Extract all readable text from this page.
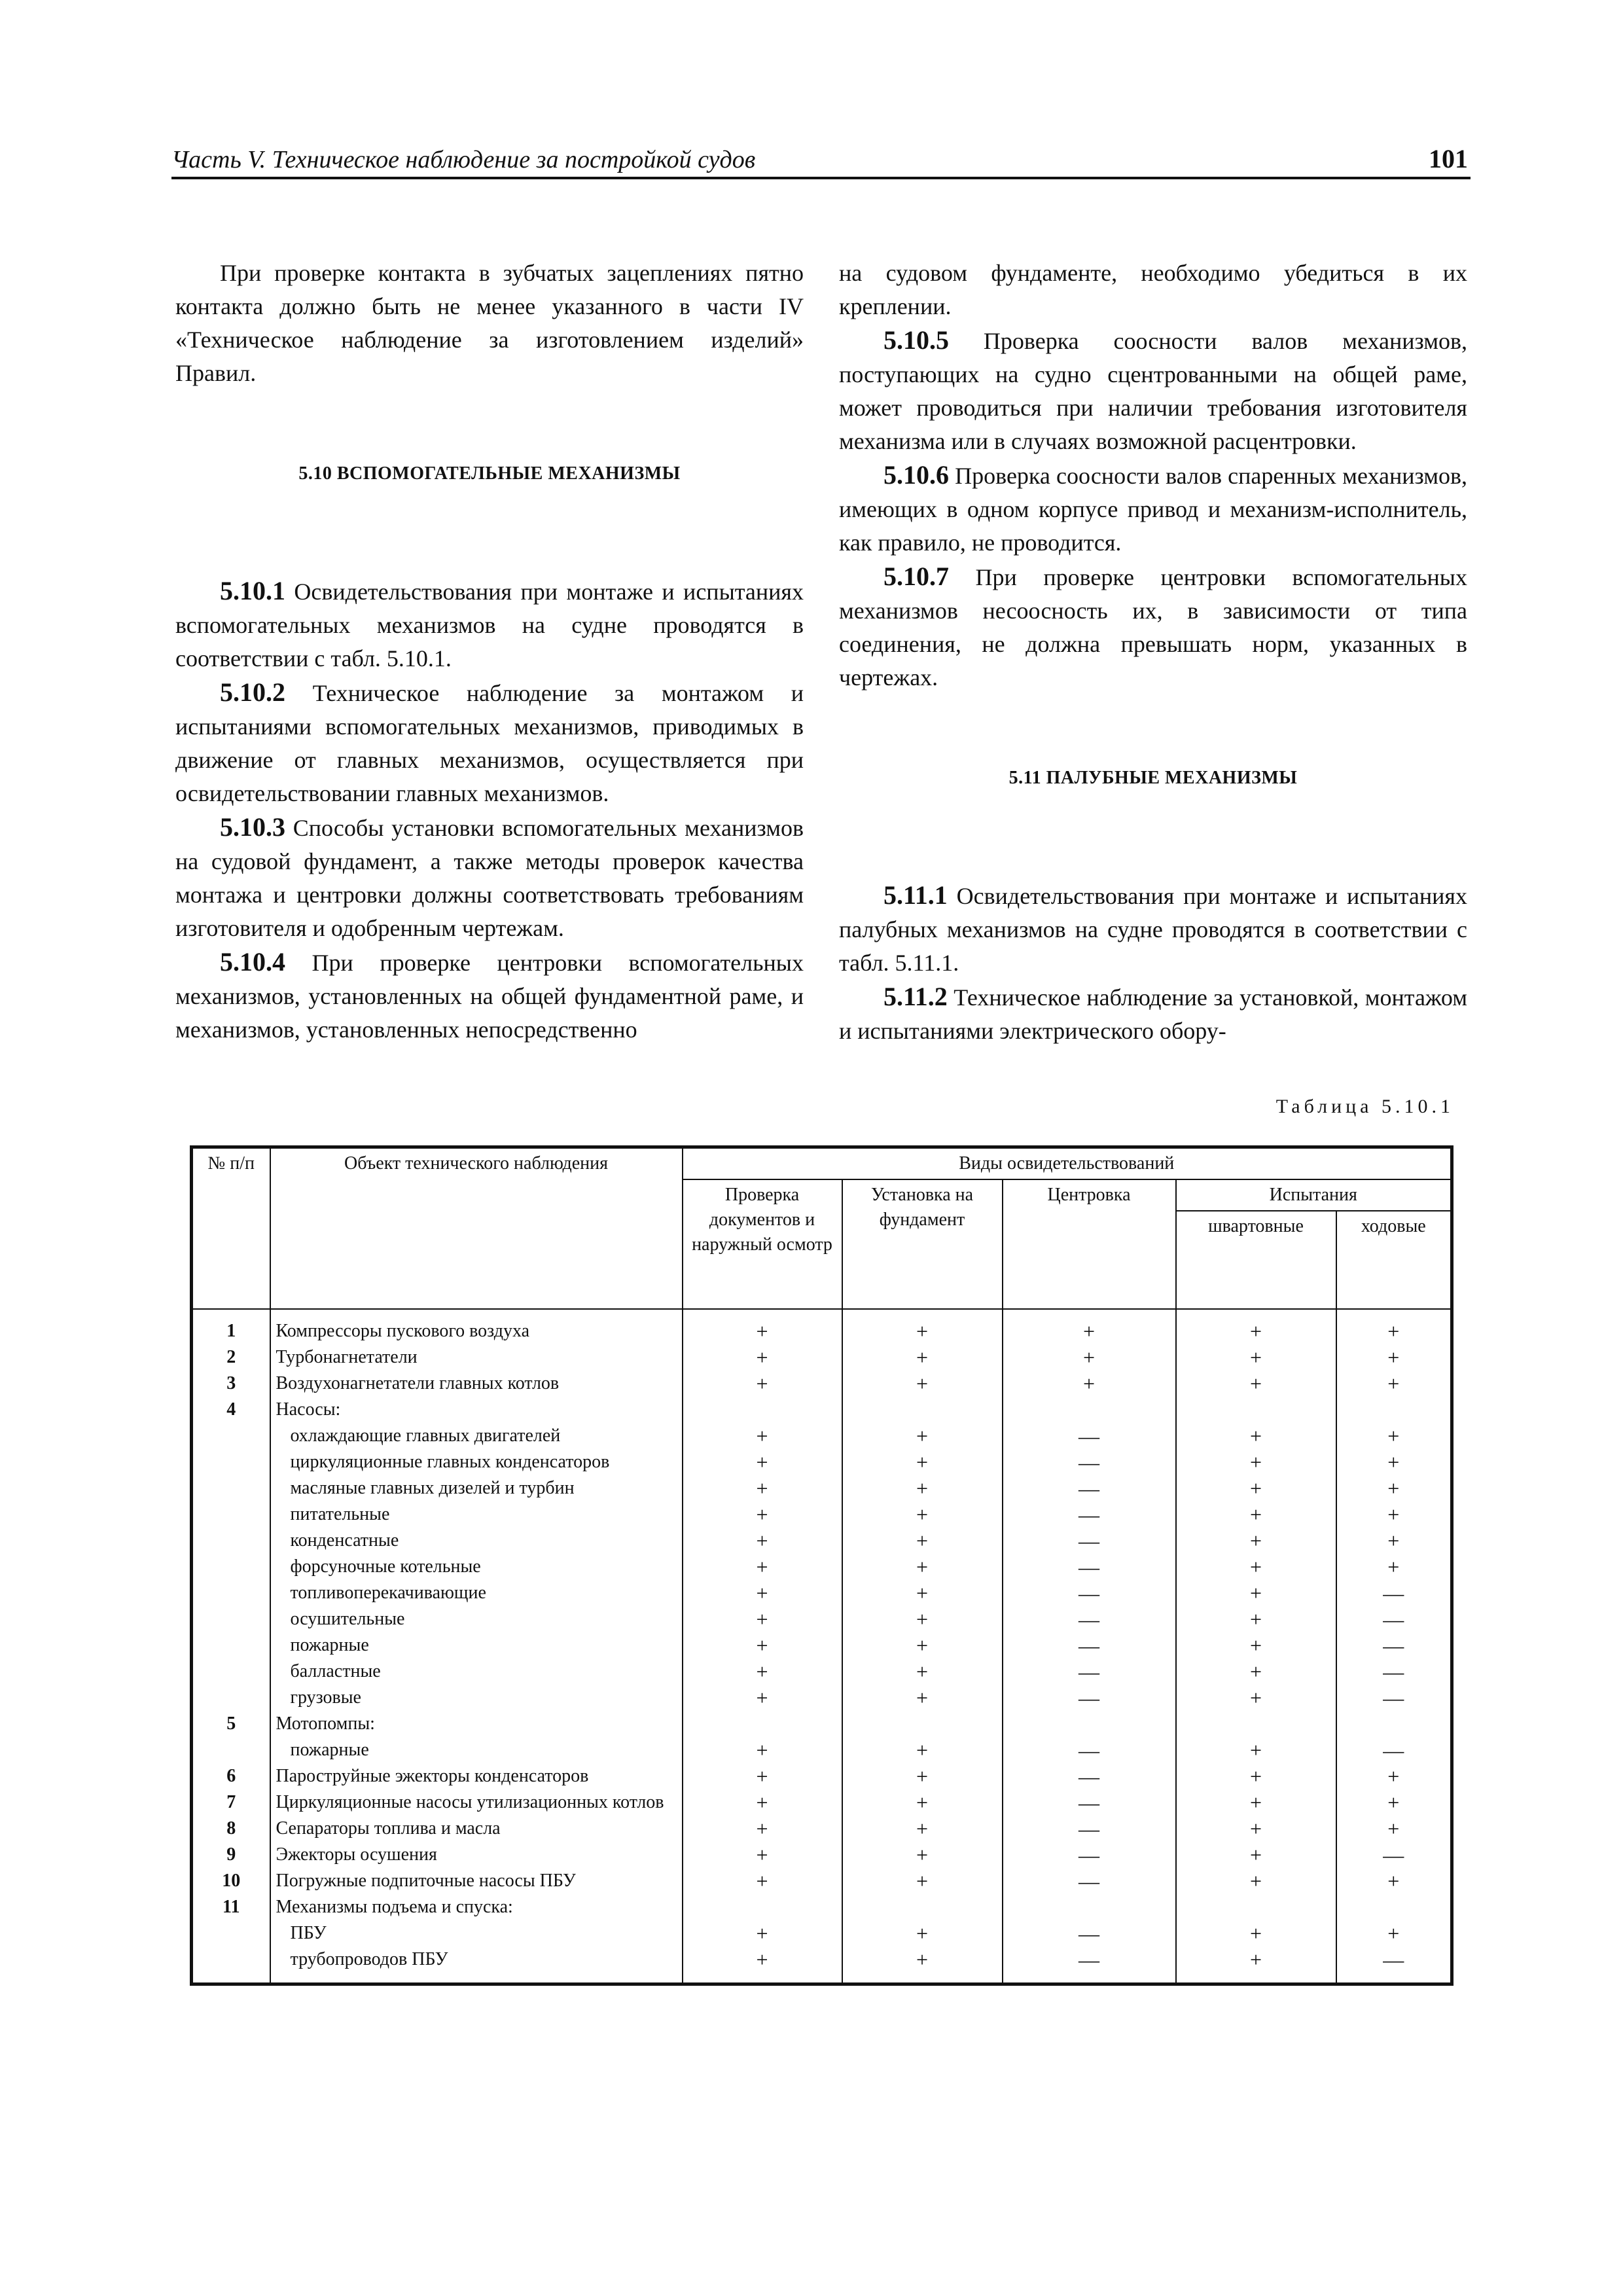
Часть V. Техническое наблюдение за постройкой судов	101

При проверке контакта в зубчатых зацеплениях пятно контакта должно быть не менее указанного в части IV «Техническое наблюдение за изготовлением изделий» Правил.

5.10 ВСПОМОГАТЕЛЬНЫЕ МЕХАНИЗМЫ

5.10.1 Освидетельствования при монтаже и испытаниях вспомогательных механизмов на судне проводятся в соответствии с табл. 5.10.1.

5.10.2 Техническое наблюдение за монтажом и испытаниями вспомогательных механизмов, приводимых в движение от главных механизмов, осуществляется при освидетельствовании главных механизмов.

5.10.3 Способы установки вспомогательных механизмов на судовой фундамент, а также методы проверок качества монтажа и центровки должны соответствовать требованиям изготовителя и одобренным чертежам.

5.10.4 При проверке центровки вспомогательных механизмов, установленных на общей фундаментной раме, и механизмов, установленных непосредственно

на судовом фундаменте, необходимо убедиться в их креплении.

5.10.5 Проверка соосности валов механизмов, поступающих на судно сцентрованными на общей раме, может проводиться при наличии требования изготовителя механизма или в случаях возможной расцентровки.

5.10.6 Проверка соосности валов спаренных механизмов, имеющих в одном корпусе привод и механизм-исполнитель, как правило, не проводится.

5.10.7 При проверке центровки вспомогательных механизмов несоосность их, в зависимости от типа соединения, не должна превышать норм, указанных в чертежах.

5.11 ПАЛУБНЫЕ МЕХАНИЗМЫ

5.11.1 Освидетельствования при монтаже и испытаниях палубных механизмов на судне проводятся в соответствии с табл. 5.11.1.

5.11.2 Техническое наблюдение за установкой, монтажом и испытаниями электрического обору-

Таблица 5.10.1
№ п/п	Объект технического наблюдения	Виды освидетельствований				
		Проверка документов и наружный осмотр	Установка на фундамент	Центровка	Испытания	
					швартовные	ходовые
1	Компрессоры пускового воздуха	+	+	+	+	+
2	Турбонагнетатели	+	+	+	+	+
3	Воздухонагнетатели главных котлов	+	+	+	+	+
4	Насосы:					
	охлаждающие главных двигателей	+	+	—	+	+
	циркуляционные главных конденсаторов	+	+	—	+	+
	масляные главных дизелей и турбин	+	+	—	+	+
	питательные	+	+	—	+	+
	конденсатные	+	+	—	+	+
	форсуночные котельные	+	+	—	+	+
	топливоперекачивающие	+	+	—	+	—
	осушительные	+	+	—	+	—
	пожарные	+	+	—	+	—
	балластные	+	+	—	+	—
	грузовые	+	+	—	+	—
5	Мотопомпы:					
	пожарные	+	+	—	+	—
6	Пароструйные эжекторы конденсаторов	+	+	—	+	+
7	Циркуляционные насосы утилизационных котлов	+	+	—	+	+
8	Сепараторы топлива и масла	+	+	—	+	+
9	Эжекторы осушения	+	+	—	+	—
10	Погружные подпиточные насосы ПБУ	+	+	—	+	+
11	Механизмы подъема и спуска:					
	ПБУ	+	+	—	+	+
	трубопроводов ПБУ	+	+	—	+	—
